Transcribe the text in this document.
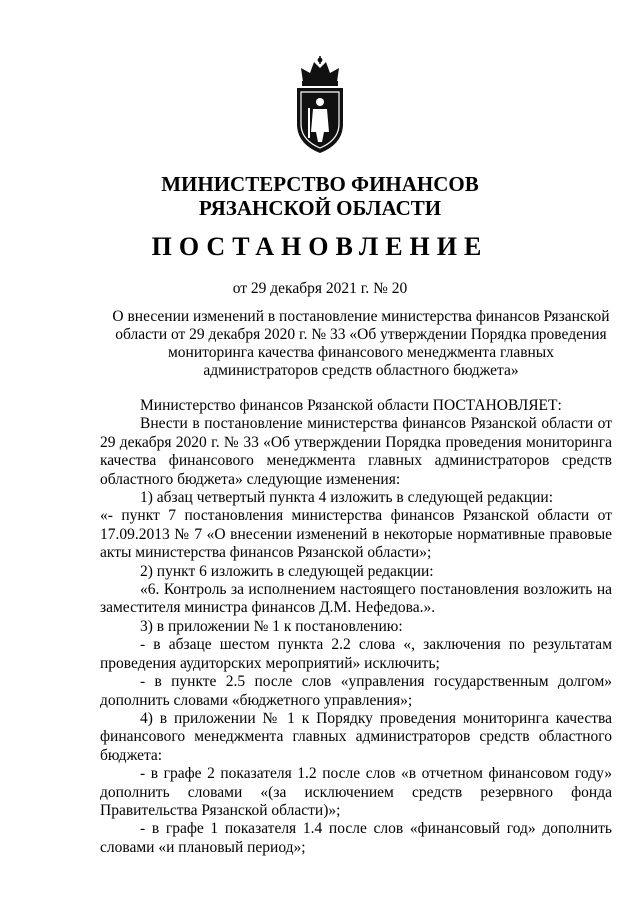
МИНИСТЕРСТВО ФИНАНСОВ
РЯЗАНСКОЙ ОБЛАСТИ
ПОСТАНОВЛЕНИЕ
от 29 декабря 2021 г. № 20
О внесении изменений в постановление министерства финансов Рязанской области от 29 декабря 2020 г. № 33 «Об утверждении Порядка проведения мониторинга качества финансового менеджмента главных администраторов средств областного бюджета»

Министерство финансов Рязанской области ПОСТАНОВЛЯЕТ:

Внести в постановление министерства финансов Рязанской области от 29 декабря 2020 г. № 33 «Об утверждении Порядка проведения мониторинга качества финансового менеджмента главных администраторов средств областного бюджета» следующие изменения:

1) абзац четвертый пункта 4 изложить в следующей редакции:

«- пункт 7 постановления министерства финансов Рязанской области от 17.09.2013 № 7 «О внесении изменений в некоторые нормативные правовые акты министерства финансов Рязанской области»;

2) пункт 6 изложить в следующей редакции:

«6. Контроль за исполнением настоящего постановления возложить на заместителя министра финансов Д.М. Нефедова.».

3) в приложении № 1 к постановлению:

- в абзаце шестом пункта 2.2 слова «, заключения по результатам проведения аудиторских мероприятий» исключить;

- в пункте 2.5 после слов «управления государственным долгом» дополнить словами «бюджетного управления»;

4) в приложении № 1 к Порядку проведения мониторинга качества финансового менеджмента главных администраторов средств областного бюджета:

- в графе 2 показателя 1.2 после слов «в отчетном финансовом году» дополнить словами «(за исключением средств резервного фонда Правительства Рязанской области)»;

- в графе 1 показателя 1.4 после слов «финансовый год» дополнить словами «и плановый период»;
